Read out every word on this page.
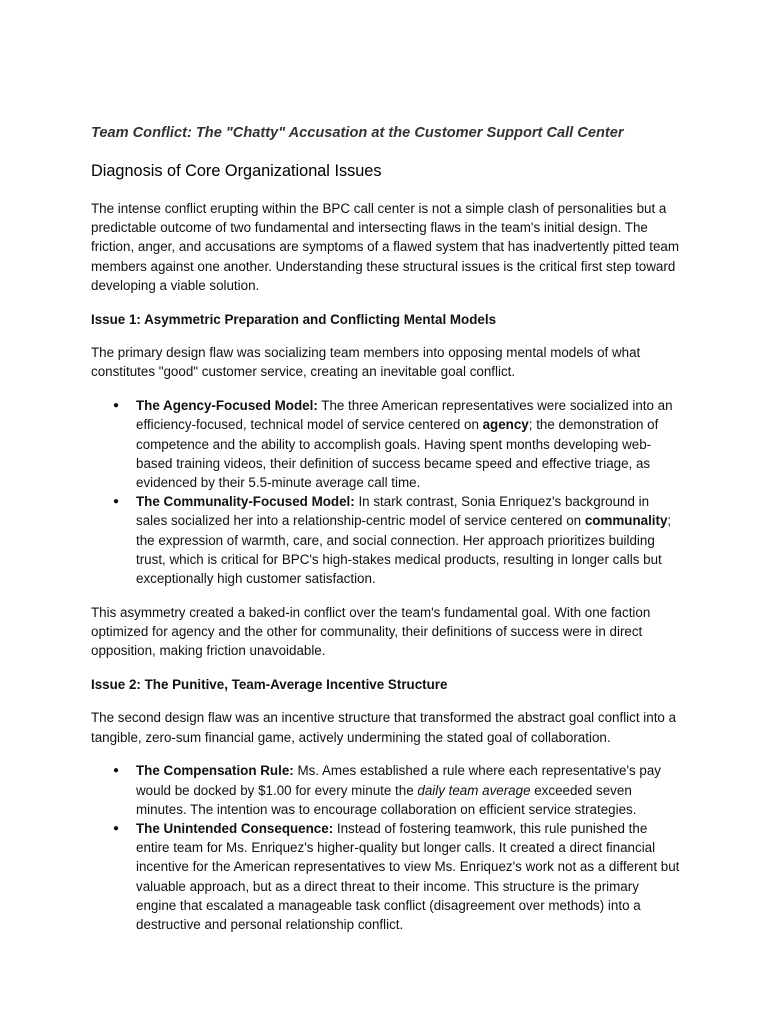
Team Conflict: The "Chatty" Accusation at the Customer Support Call Center
Diagnosis of Core Organizational Issues

The intense conflict erupting within the BPC call center is not a simple clash of personalities but a predictable outcome of two fundamental and intersecting flaws in the team's initial design. The friction, anger, and accusations are symptoms of a flawed system that has inadvertently pitted team members against one another. Understanding these structural issues is the critical first step toward developing a viable solution.

Issue 1: Asymmetric Preparation and Conflicting Mental Models

The primary design flaw was socializing team members into opposing mental models of what constitutes "good" customer service, creating an inevitable goal conflict.

● The Agency-Focused Model: The three American representatives were socialized into an efficiency-focused, technical model of service centered on agency; the demonstration of competence and the ability to accomplish goals. Having spent months developing web-based training videos, their definition of success became speed and effective triage, as evidenced by their 5.5-minute average call time.
● The Communality-Focused Model: In stark contrast, Sonia Enriquez's background in sales socialized her into a relationship-centric model of service centered on communality; the expression of warmth, care, and social connection. Her approach prioritizes building trust, which is critical for BPC's high-stakes medical products, resulting in longer calls but exceptionally high customer satisfaction.

This asymmetry created a baked-in conflict over the team's fundamental goal. With one faction optimized for agency and the other for communality, their definitions of success were in direct opposition, making friction unavoidable.

Issue 2: The Punitive, Team-Average Incentive Structure

The second design flaw was an incentive structure that transformed the abstract goal conflict into a tangible, zero-sum financial game, actively undermining the stated goal of collaboration.

● The Compensation Rule: Ms. Ames established a rule where each representative's pay would be docked by $1.00 for every minute the daily team average exceeded seven minutes. The intention was to encourage collaboration on efficient service strategies.
● The Unintended Consequence: Instead of fostering teamwork, this rule punished the entire team for Ms. Enriquez's higher-quality but longer calls. It created a direct financial incentive for the American representatives to view Ms. Enriquez's work not as a different but valuable approach, but as a direct threat to their income. This structure is the primary engine that escalated a manageable task conflict (disagreement over methods) into a destructive and personal relationship conflict.
